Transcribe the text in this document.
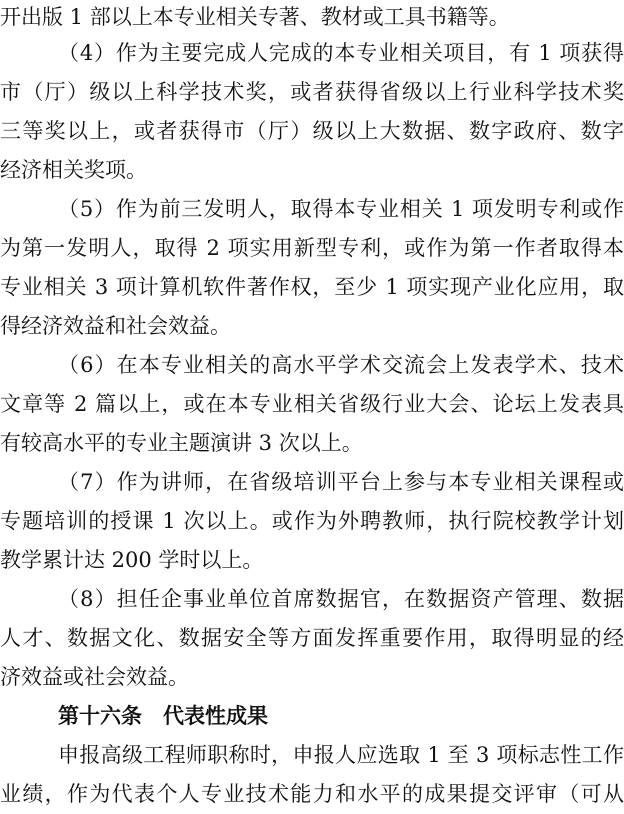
开出版 1 部以上本专业相关专著、教材或工具书籍等。
（4）作为主要完成人完成的本专业相关项目，有 1 项获得
市（厅）级以上科学技术奖，或者获得省级以上行业科学技术奖
三等奖以上，或者获得市（厅）级以上大数据、数字政府、数字
经济相关奖项。
（5）作为前三发明人，取得本专业相关 1 项发明专利或作
为第一发明人，取得 2 项实用新型专利，或作为第一作者取得本
专业相关 3 项计算机软件著作权，至少 1 项实现产业化应用，取
得经济效益和社会效益。
（6）在本专业相关的高水平学术交流会上发表学术、技术
文章等 2 篇以上，或在本专业相关省级行业大会、论坛上发表具
有较高水平的专业主题演讲 3 次以上。
（7）作为讲师，在省级培训平台上参与本专业相关课程或
专题培训的授课 1 次以上。或作为外聘教师，执行院校教学计划
教学累计达 200 学时以上。
（8）担任企事业单位首席数据官，在数据资产管理、数据
人才、数据文化、数据安全等方面发挥重要作用，取得明显的经
济效益或社会效益。
第十六条　代表性成果
申报高级工程师职称时，申报人应选取 1 至 3 项标志性工作
业绩，作为代表个人专业技术能力和水平的成果提交评审（可从
